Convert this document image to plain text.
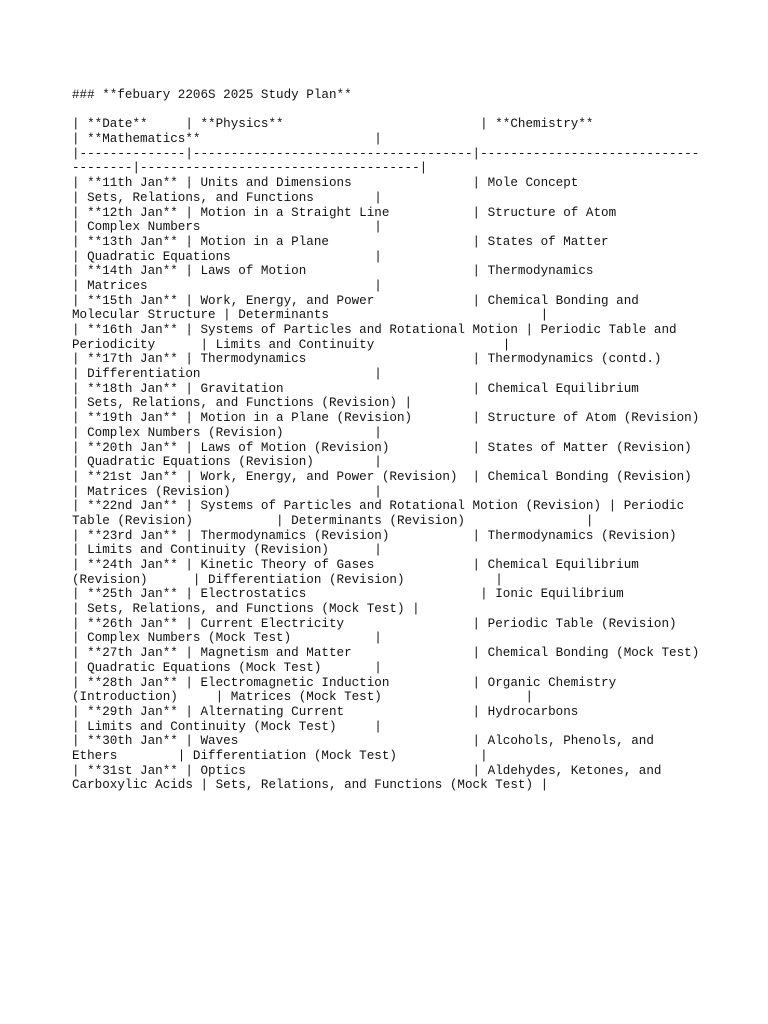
### **febuary 2206S 2025 Study Plan**
| **Date**     | **Physics**                          | **Chemistry**
| **Mathematics**                       |
|--------------|-------------------------------------|-----------------------------
--------|-------------------------------------|
| **11th Jan** | Units and Dimensions                | Mole Concept
| Sets, Relations, and Functions        |
| **12th Jan** | Motion in a Straight Line           | Structure of Atom
| Complex Numbers                       |
| **13th Jan** | Motion in a Plane                   | States of Matter
| Quadratic Equations                   |
| **14th Jan** | Laws of Motion                      | Thermodynamics
| Matrices                              |
| **15th Jan** | Work, Energy, and Power             | Chemical Bonding and
Molecular Structure | Determinants                            |
| **16th Jan** | Systems of Particles and Rotational Motion | Periodic Table and
Periodicity      | Limits and Continuity                 |
| **17th Jan** | Thermodynamics                      | Thermodynamics (contd.)
| Differentiation                       |
| **18th Jan** | Gravitation                         | Chemical Equilibrium
| Sets, Relations, and Functions (Revision) |
| **19th Jan** | Motion in a Plane (Revision)        | Structure of Atom (Revision)
| Complex Numbers (Revision)            |
| **20th Jan** | Laws of Motion (Revision)           | States of Matter (Revision)
| Quadratic Equations (Revision)        |
| **21st Jan** | Work, Energy, and Power (Revision)  | Chemical Bonding (Revision)
| Matrices (Revision)                   |
| **22nd Jan** | Systems of Particles and Rotational Motion (Revision) | Periodic
Table (Revision)           | Determinants (Revision)                |
| **23rd Jan** | Thermodynamics (Revision)           | Thermodynamics (Revision)
| Limits and Continuity (Revision)      |
| **24th Jan** | Kinetic Theory of Gases             | Chemical Equilibrium
(Revision)      | Differentiation (Revision)            |
| **25th Jan** | Electrostatics                       | Ionic Equilibrium
| Sets, Relations, and Functions (Mock Test) |
| **26th Jan** | Current Electricity                 | Periodic Table (Revision)
| Complex Numbers (Mock Test)           |
| **27th Jan** | Magnetism and Matter                | Chemical Bonding (Mock Test)
| Quadratic Equations (Mock Test)       |
| **28th Jan** | Electromagnetic Induction           | Organic Chemistry
(Introduction)     | Matrices (Mock Test)                   |
| **29th Jan** | Alternating Current                 | Hydrocarbons
| Limits and Continuity (Mock Test)     |
| **30th Jan** | Waves                               | Alcohols, Phenols, and
Ethers        | Differentiation (Mock Test)           |
| **31st Jan** | Optics                              | Aldehydes, Ketones, and
Carboxylic Acids | Sets, Relations, and Functions (Mock Test) |
